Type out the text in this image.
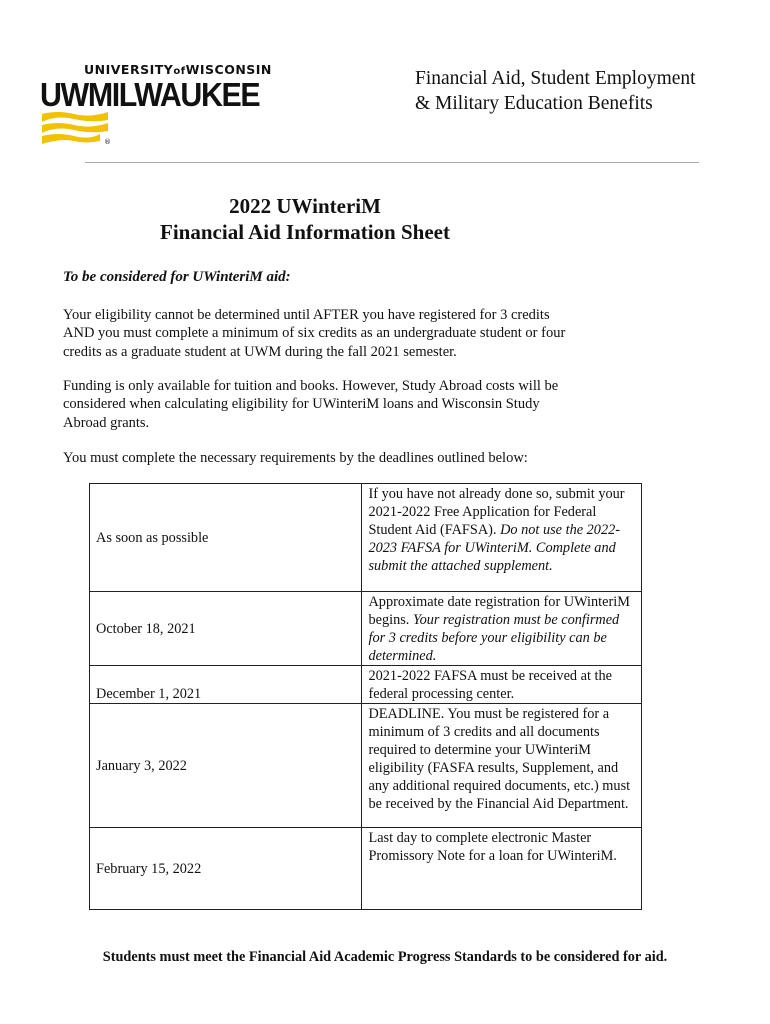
UNIVERSITYofWISCONSIN
UWMILWAUKEE
®
Financial Aid, Student Employment
& Military Education Benefits
2022 UWinteriM
Financial Aid Information Sheet
To be considered for UWinteriM aid:
Your eligibility cannot be determined until AFTER you have registered for 3 credits AND you must complete a minimum of six credits as an undergraduate student or four credits as a graduate student at UWM during the fall 2021 semester.
Funding is only available for tuition and books. However, Study Abroad costs will be considered when calculating eligibility for UWinteriM loans and Wisconsin Study Abroad grants.
You must complete the necessary requirements by the deadlines outlined below:
As soon as possible	If you have not already done so, submit your 2021-2022 Free Application for Federal Student Aid (FAFSA). Do not use the 2022-2023 FAFSA for UWinteriM. Complete and submit the attached supplement.
October 18, 2021	Approximate date registration for UWinteriM begins. Your registration must be confirmed for 3 credits before your eligibility can be determined.
December 1, 2021	2021-2022 FAFSA must be received at the federal processing center.
January 3, 2022	DEADLINE. You must be registered for a minimum of 3 credits and all documents required to determine your UWinteriM eligibility (FASFA results, Supplement, and any additional required documents, etc.) must be received by the Financial Aid Department.
February 15, 2022	Last day to complete electronic Master Promissory Note for a loan for UWinteriM.
Students must meet the Financial Aid Academic Progress Standards to be considered for aid.
